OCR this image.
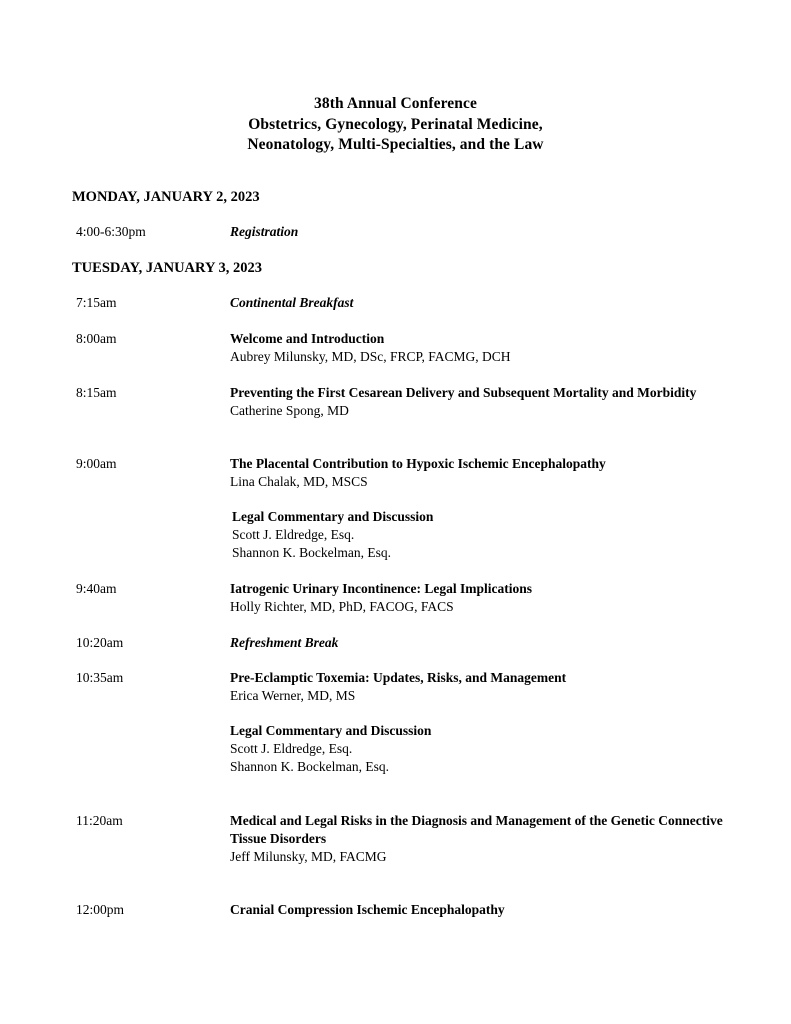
38th Annual Conference
Obstetrics, Gynecology, Perinatal Medicine,
Neonatology, Multi-Specialties, and the Law
MONDAY, JANUARY 2, 2023
4:00-6:30pm	Registration
TUESDAY, JANUARY 3, 2023
7:15am	Continental Breakfast
8:00am	Welcome and Introduction
Aubrey Milunsky, MD, DSc, FRCP, FACMG, DCH
8:15am	Preventing the First Cesarean Delivery and Subsequent Mortality and Morbidity
Catherine Spong, MD
9:00am	The Placental Contribution to Hypoxic Ischemic Encephalopathy
Lina Chalak, MD, MSCS
Legal Commentary and Discussion
Scott J. Eldredge, Esq.
Shannon K. Bockelman, Esq.
9:40am	Iatrogenic Urinary Incontinence: Legal Implications
Holly Richter, MD, PhD, FACOG, FACS
10:20am	Refreshment Break
10:35am	Pre-Eclamptic Toxemia: Updates, Risks, and Management
Erica Werner, MD, MS
Legal Commentary and Discussion
Scott J. Eldredge, Esq.
Shannon K. Bockelman, Esq.
11:20am	Medical and Legal Risks in the Diagnosis and Management of the Genetic Connective Tissue Disorders
Jeff Milunsky, MD, FACMG
12:00pm	Cranial Compression Ischemic Encephalopathy
